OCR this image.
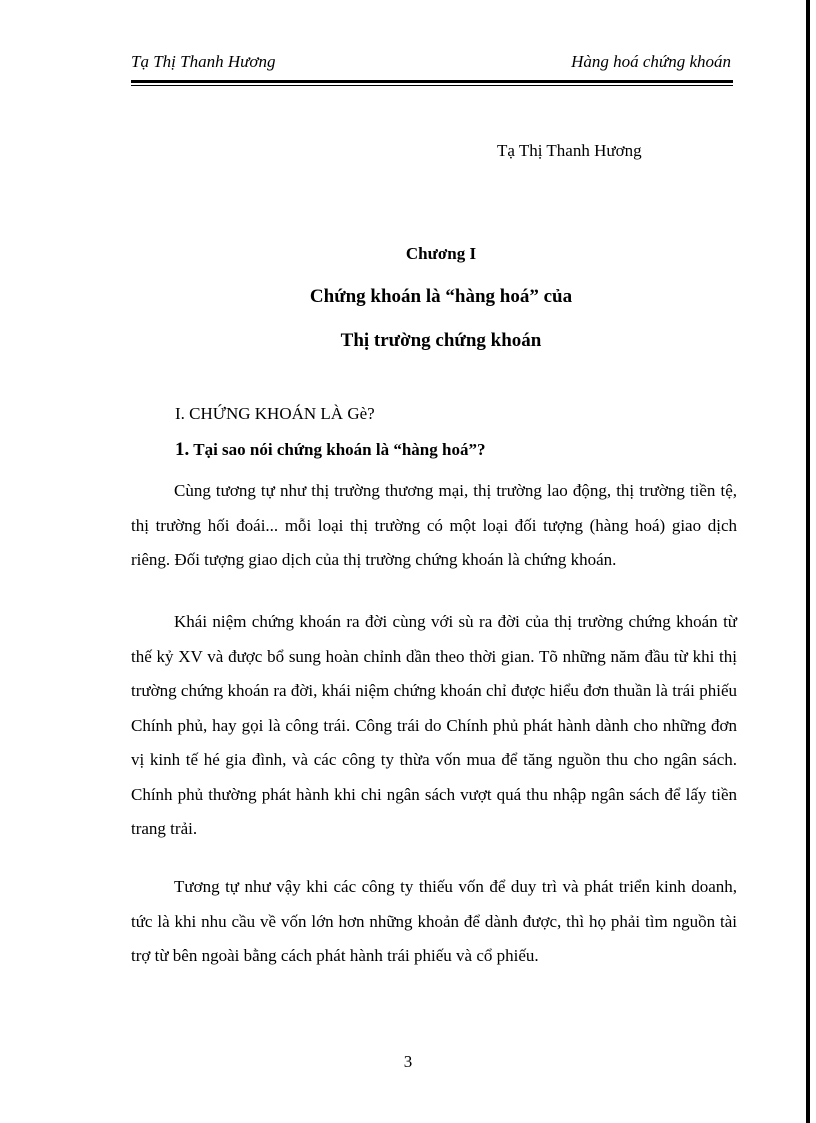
Tạ Thị Thanh Hương	Hàng hoá chứng khoán
Tạ Thị Thanh Hương
Chương I
Chứng khoán là “hàng hoá” của
Thị trường chứng khoán
I. CHỨNG KHOÁN LÀ Gè?
1. Tại sao nói chứng khoán là “hàng hoá”?

Cùng tương tự như thị trường thương mại, thị trường lao động, thị trường tiền tệ, thị trường hối đoái... mỗi loại thị trường có một loại đối tượng (hàng hoá) giao dịch riêng. Đối tượng giao dịch của thị trường chứng khoán là chứng khoán.

Khái niệm chứng khoán ra đời cùng với sù ra đời của thị trường chứng khoán từ thế kỷ XV và được bổ sung hoàn chỉnh dần theo thời gian. Tõ những năm đầu từ khi thị trường chứng khoán ra đời, khái niệm chứng khoán chỉ được hiểu đơn thuần là trái phiếu Chính phủ, hay gọi là công trái. Công trái do Chính phủ phát hành dành cho những đơn vị kinh tế hé gia đình, và các công ty thừa vốn mua để tăng nguồn thu cho ngân sách. Chính phủ thường phát hành khi chi ngân sách vượt quá thu nhập ngân sách để lấy tiền trang trải.

Tương tự như vậy khi các công ty thiếu vốn để duy trì và phát triển kinh doanh, tức là khi nhu cầu về vốn lớn hơn những khoản để dành được, thì họ phải tìm nguồn tài trợ từ bên ngoài bằng cách phát hành trái phiếu và cổ phiếu.

3
